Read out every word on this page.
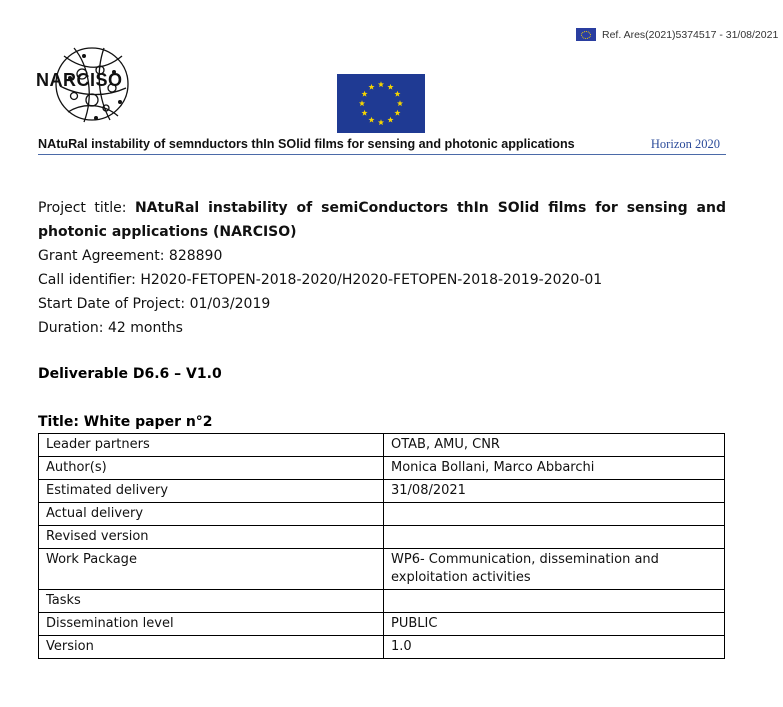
Ref. Ares(2021)5374517 - 31/08/2021
NARCISO
NAtuRal instability of semnductors thIn SOlid films for sensing and photonic applications	Horizon 2020

Project title: NAtuRal instability of semiConductors thIn SOlid films for sensing and photonic applications (NARCISO)

Grant Agreement: 828890

Call identifier: H2020-FETOPEN-2018-2020/H2020-FETOPEN-2018-2019-2020-01

Start Date of Project: 01/03/2019

Duration: 42 months

Deliverable D6.6 – V1.0
Title: White paper n°2
Leader partners	OTAB, AMU, CNR
Author(s)	Monica Bollani, Marco Abbarchi
Estimated delivery	31/08/2021
Actual delivery	
Revised version	
Work Package	WP6- Communication, dissemination and exploitation activities
Tasks	
Dissemination level	PUBLIC
Version	1.0
